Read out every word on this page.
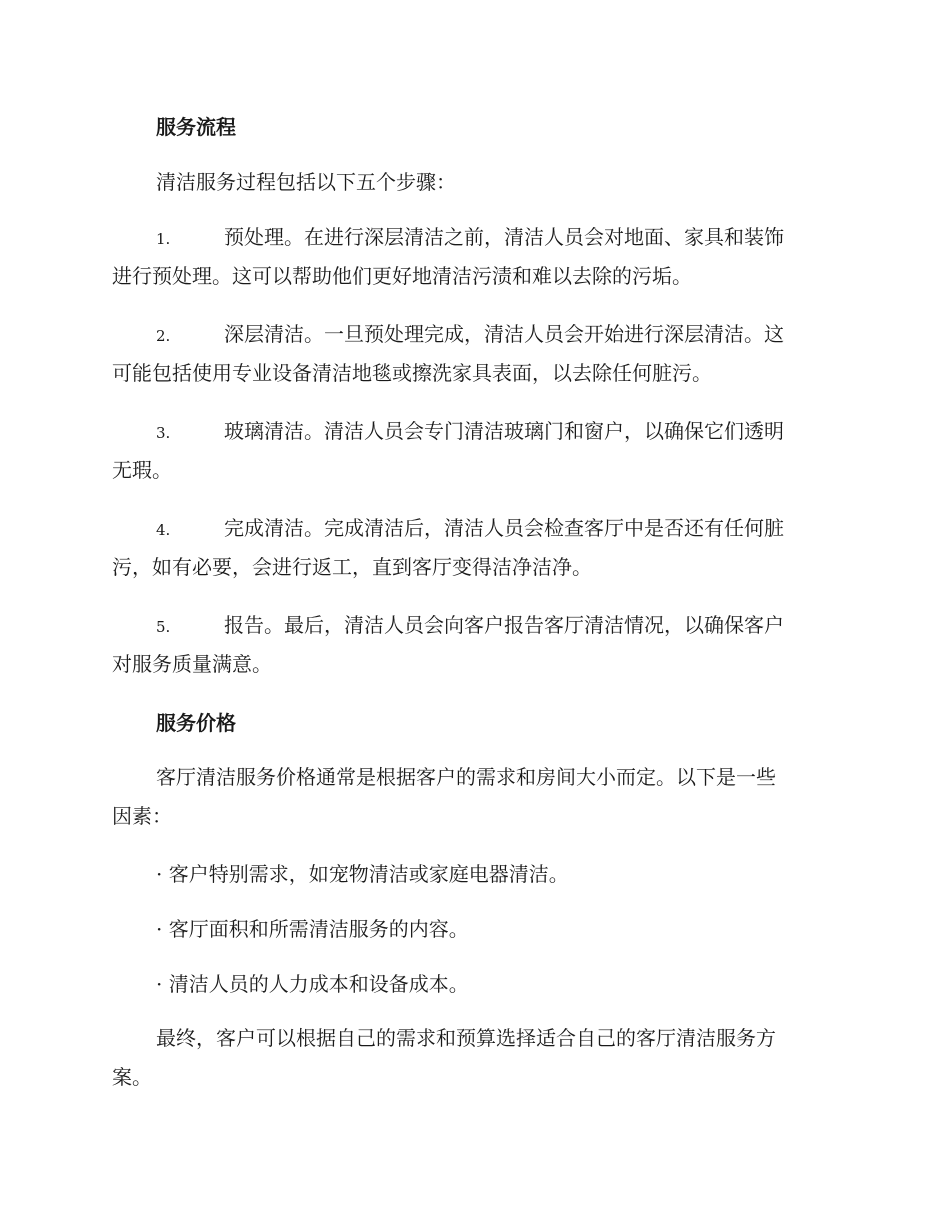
服务流程
清洁服务过程包括以下五个步骤：
1.	预处理。在进行深层清洁之前，清洁人员会对地面、家具和装饰
进行预处理。这可以帮助他们更好地清洁污渍和难以去除的污垢。
2.	深层清洁。一旦预处理完成，清洁人员会开始进行深层清洁。这
可能包括使用专业设备清洁地毯或擦洗家具表面，以去除任何脏污。
3.	玻璃清洁。清洁人员会专门清洁玻璃门和窗户，以确保它们透明
无瑕。
4.	完成清洁。完成清洁后，清洁人员会检查客厅中是否还有任何脏
污，如有必要，会进行返工，直到客厅变得洁净洁净。
5.	报告。最后，清洁人员会向客户报告客厅清洁情况，以确保客户
对服务质量满意。
服务价格
客厅清洁服务价格通常是根据客户的需求和房间大小而定。以下是一些
因素：
· 客户特别需求，如宠物清洁或家庭电器清洁。
· 客厅面积和所需清洁服务的内容。
· 清洁人员的人力成本和设备成本。
最终，客户可以根据自己的需求和预算选择适合自己的客厅清洁服务方
案。
